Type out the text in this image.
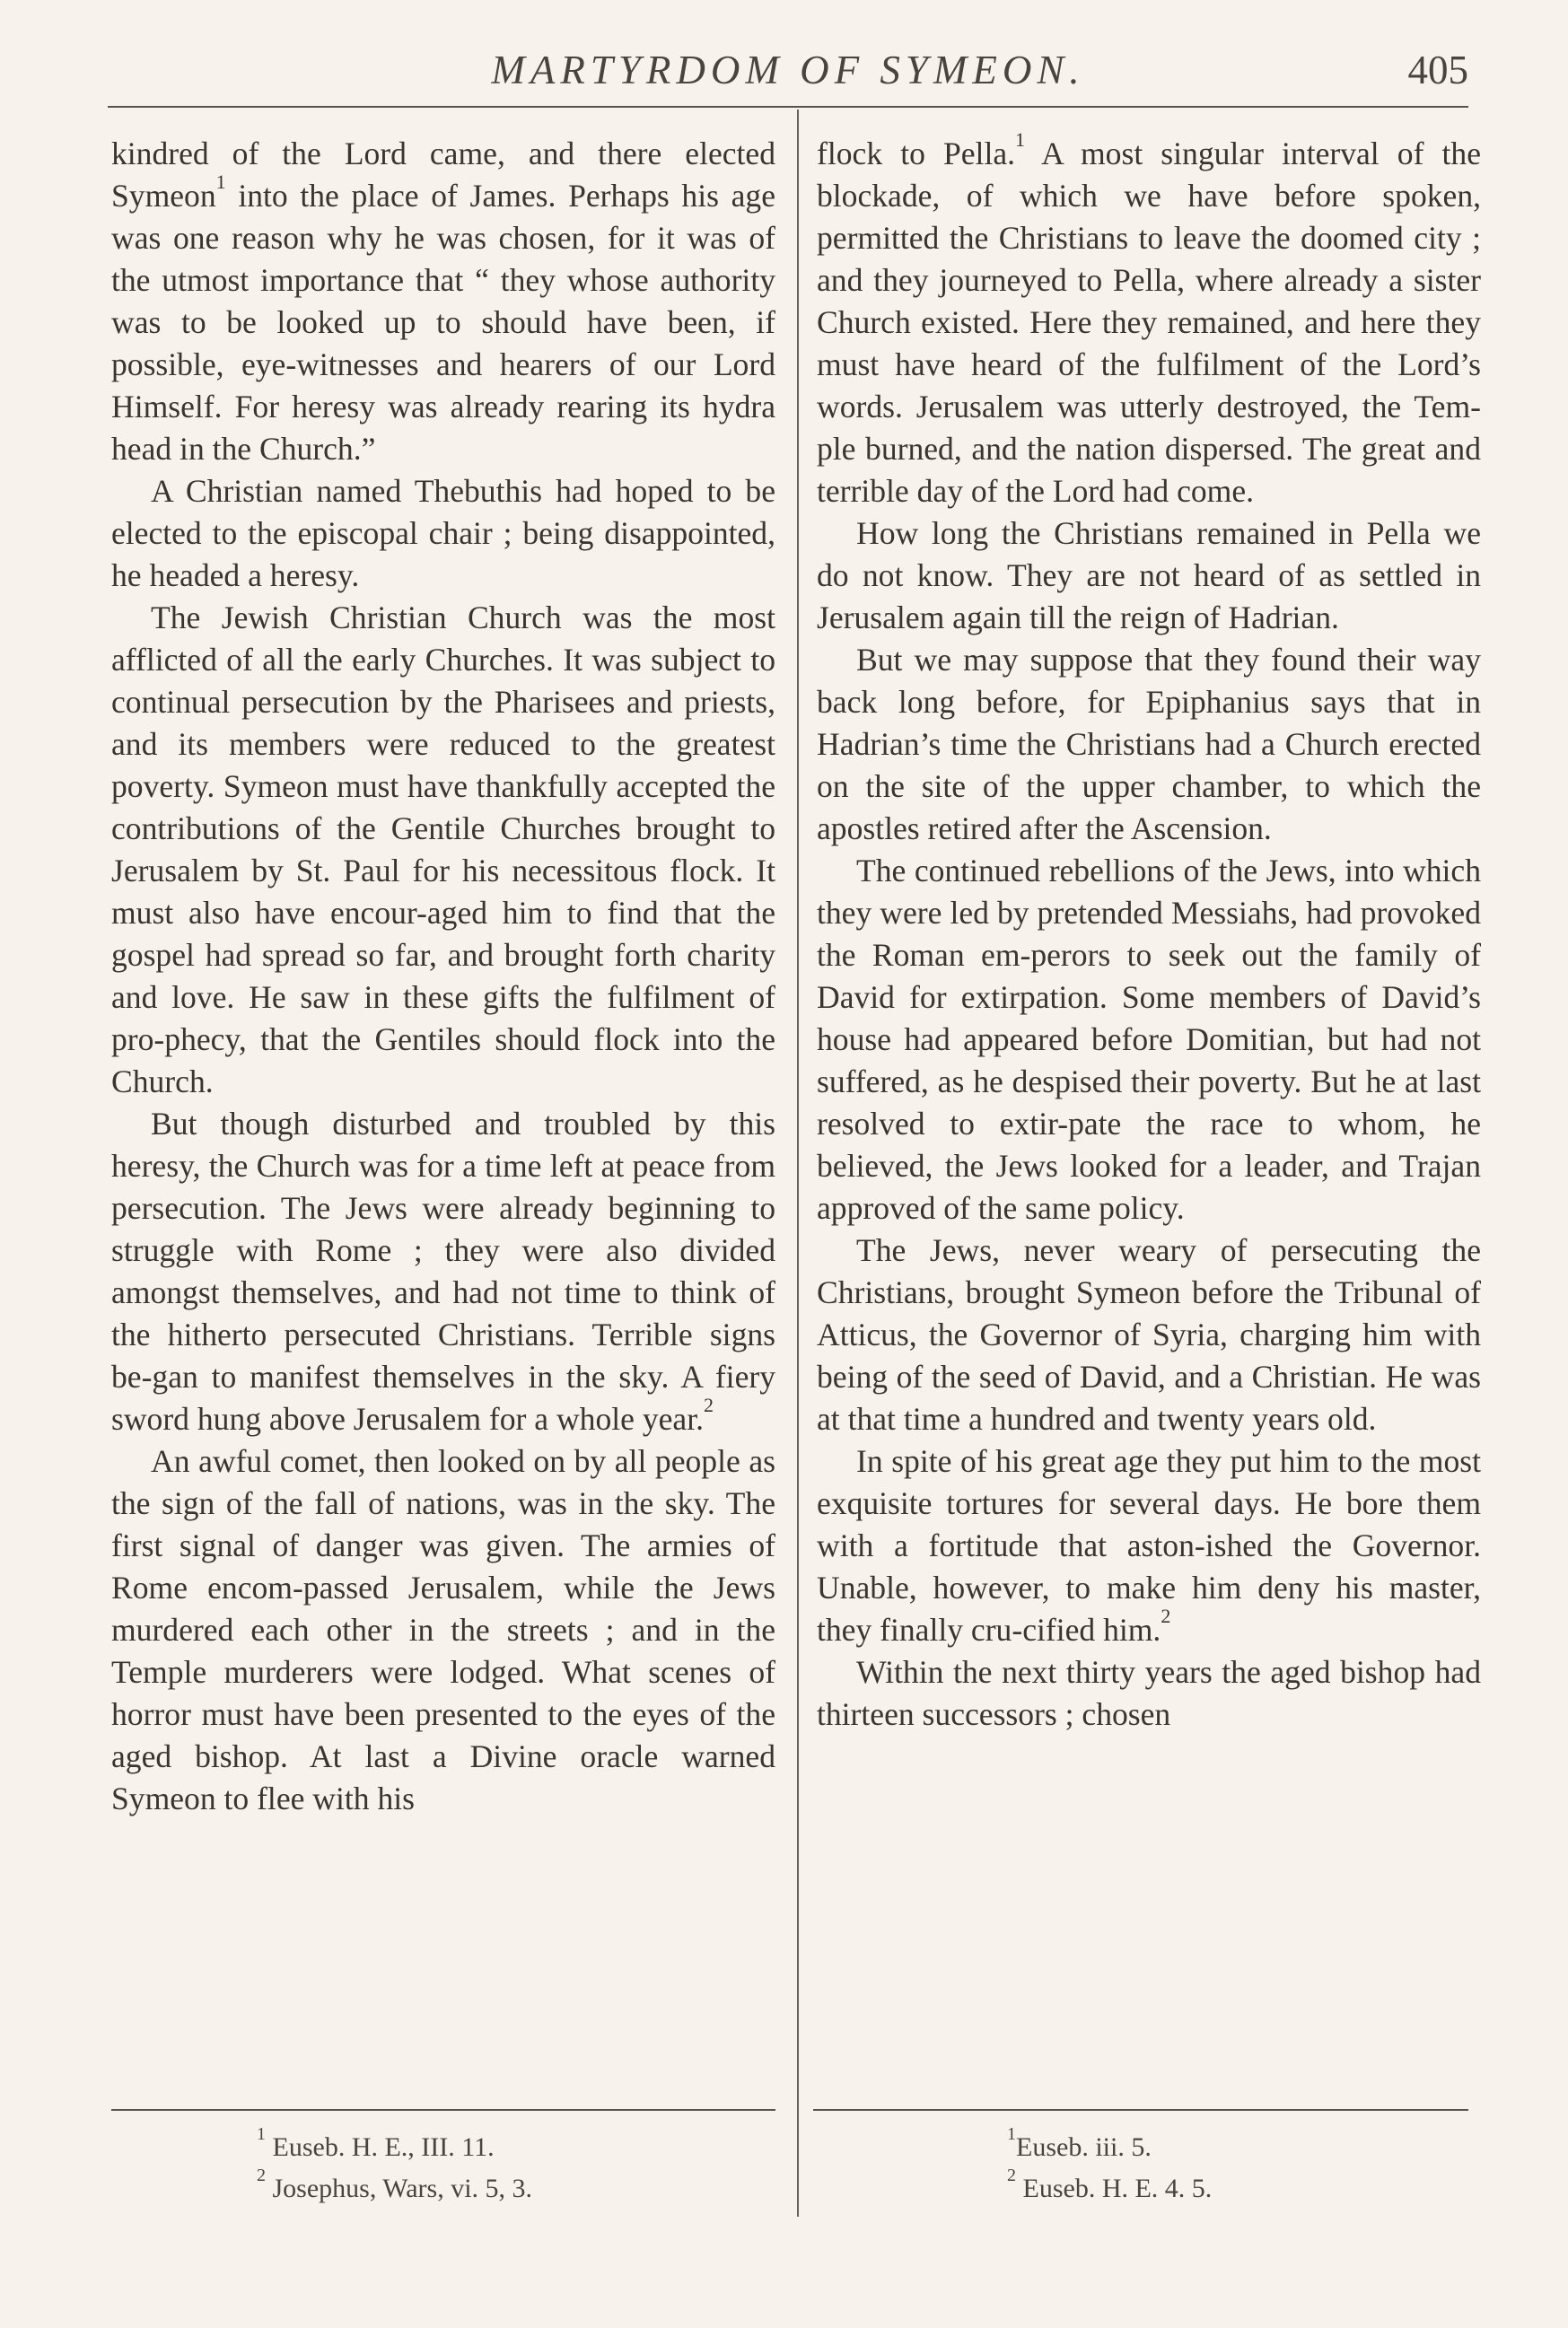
MARTYRDOM OF SYMEON.	405

kindred of the Lord came, and there elected Symeon$^1$ into the place of James. Perhaps his age was one reason why he was chosen, for it was of the utmost importance that “ they whose authority was to be looked up to should have been, if possible, eye-witnesses and hearers of our Lord Himself. For heresy was already rearing its hydra head in the Church.”

A Christian named Thebuthis had hoped to be elected to the episcopal chair ; being disappointed, he headed a heresy.

The Jewish Christian Church was the most afflicted of all the early Churches. It was subject to continual persecution by the Pharisees and priests, and its members were reduced to the greatest poverty. Symeon must have thankfully accepted the contributions of the Gentile Churches brought to Jerusalem by St. Paul for his necessitous flock. It must also have encour-aged him to find that the gospel had spread so far, and brought forth charity and love. He saw in these gifts the fulfilment of pro-phecy, that the Gentiles should flock into the Church.

But though disturbed and troubled by this heresy, the Church was for a time left at peace from persecution. The Jews were already beginning to struggle with Rome ; they were also divided amongst themselves, and had not time to think of the hitherto persecuted Christians. Terrible signs be-gan to manifest themselves in the sky. A fiery sword hung above Jerusalem for a whole year.$^2$

An awful comet, then looked on by all people as the sign of the fall of nations, was in the sky. The first signal of danger was given. The armies of Rome encom-passed Jerusalem, while the Jews murdered each other in the streets ; and in the Temple murderers were lodged. What scenes of horror must have been presented to the eyes of the aged bishop. At last a Divine oracle warned Symeon to flee with his

flock to Pella.$^1$ A most singular interval of the blockade, of which we have before spoken, permitted the Christians to leave the doomed city ; and they journeyed to Pella, where already a sister Church existed. Here they remained, and here they must have heard of the fulfilment of the Lord’s words. Jerusalem was utterly destroyed, the Tem-ple burned, and the nation dispersed. The great and terrible day of the Lord had come.

How long the Christians remained in Pella we do not know. They are not heard of as settled in Jerusalem again till the reign of Hadrian.

But we may suppose that they found their way back long before, for Epiphanius says that in Hadrian’s time the Christians had a Church erected on the site of the upper chamber, to which the apostles retired after the Ascension.

The continued rebellions of the Jews, into which they were led by pretended Messiahs, had provoked the Roman em-perors to seek out the family of David for extirpation. Some members of David’s house had appeared before Domitian, but had not suffered, as he despised their poverty. But he at last resolved to extir-pate the race to whom, he believed, the Jews looked for a leader, and Trajan approved of the same policy.

The Jews, never weary of persecuting the Christians, brought Symeon before the Tribunal of Atticus, the Governor of Syria, charging him with being of the seed of David, and a Christian. He was at that time a hundred and twenty years old.

In spite of his great age they put him to the most exquisite tortures for several days. He bore them with a fortitude that aston-ished the Governor. Unable, however, to make him deny his master, they finally cru-cified him.$^2$

Within the next thirty years the aged bishop had thirteen successors ; chosen

$^1$ Euseb. H. E., III. 11.
$^2$ Josephus, Wars, vi. 5, 3.
$^1$Euseb. iii. 5.
$^2$ Euseb. H. E. 4. 5.
